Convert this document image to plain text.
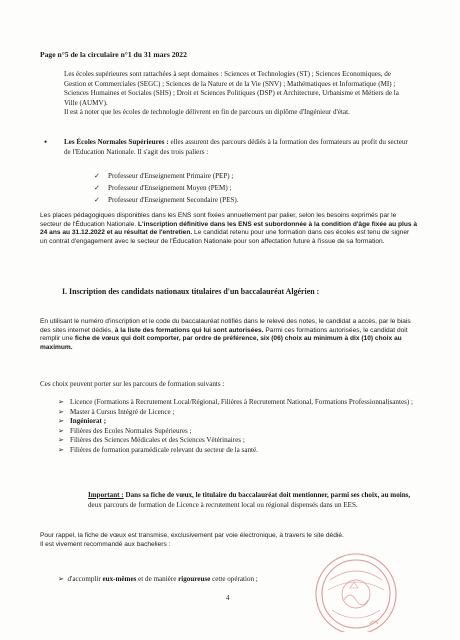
Page n°5 de la circulaire n°1 du 31 mars 2022

Les écoles supérieures sont rattachées à sept domaines : Sciences et Technologies (ST) ; Sciences Economiques, de Gestion et Commerciales (SEGC) ; Sciences de la Nature et de la Vie (SNV) ; Mathématiques et Informatique (MI) ; Sciences Humaines et Sociales (SHS) ; Droit et Sciences Politiques (DSP) et Architecture, Urbanisme et Métiers de la Ville (AUMV).

Il est à noter que les écoles de technologie délivrent en fin de parcours un diplôme d'Ingénieur d'état.

•	Les Écoles Normales Supérieures : elles assurent des parcours dédiés à la formation des formateurs au profit du secteur de l'Education Nationale. Il s'agit des trois paliers :
✓	Professeur d'Enseignement Primaire (PEP) ;
✓	Professeur d'Enseignement Moyen (PEM) ;
✓	Professeur d'Enseignement Secondaire (PES).

Les places pédagogiques disponibles dans les ENS sont fixées annuellement par palier, selon les besoins exprimés par le secteur de l'Éducation Nationale. L'inscription définitive dans les ENS est subordonnée à la condition d'âge fixée au plus à 24 ans au 31.12.2022 et au résultat de l'entretien. Le candidat retenu pour une formation dans ces écoles est tenu de signer un contrat d'engagement avec le secteur de l'Éducation Nationale pour son affectation future à l'issue de sa formation.

I. Inscription des candidats nationaux titulaires d'un baccalauréat Algérien :

En utilisant le numéro d'inscription et le code du baccalauréat notifiés dans le relevé des notes, le candidat a accès, par le biais des sites internet dédiés, à la liste des formations qui lui sont autorisées. Parmi ces formations autorisées, le candidat doit remplir une fiche de vœux qui doit comporter, par ordre de préférence, six (06) choix au minimum à dix (10) choix au maximum.

Ces choix peuvent porter sur les parcours de formation suivants :
➢ Licence (Formations à Recrutement Local/Régional, Filières à Recrutement National, Formations Professionnalisantes) ;
➢ Master à Cursus Intégré de Licence ;
➢ Ingéniorat ;
➢ Filières des Ecoles Normales Supérieures ;
➢ Filières des Sciences Médicales et des Sciences Vétérinaires ;
➢ Filières de formation paramédicale relevant du secteur de la santé.

Important : Dans sa fiche de vœux, le titulaire du baccalauréat doit mentionner, parmi ses choix, au moins, deux parcours de formation de Licence à recrutement local ou régional dispensés dans un EES.

Pour rappel, la fiche de vœux est transmise, exclusivement par voie électronique, à travers le site dédié.

Il est vivement recommandé aux bacheliers :

➢ d'accomplir eux-mêmes et de manière rigoureuse cette opération ;
4
